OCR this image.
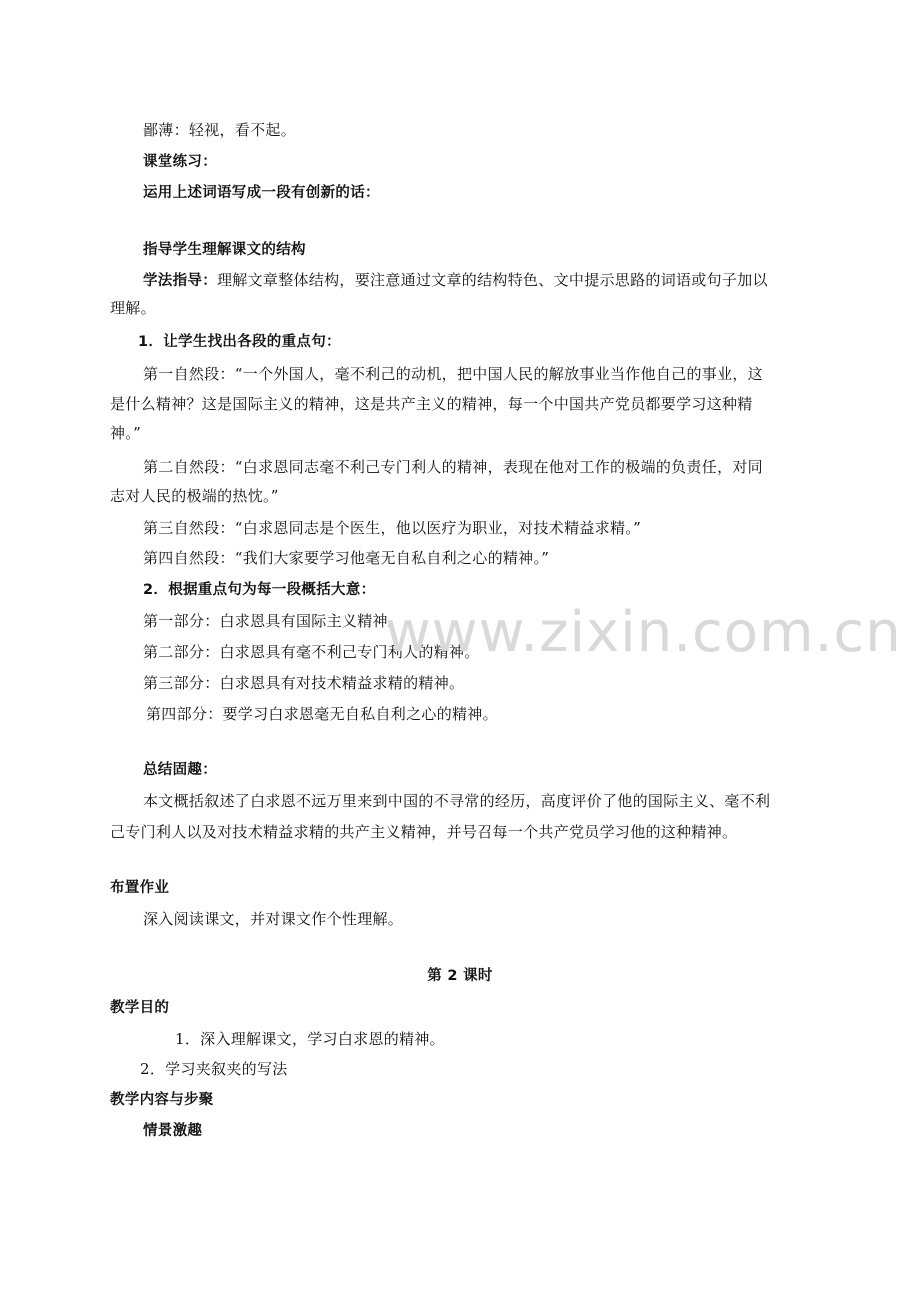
鄙薄：轻视，看不起。
课堂练习：
运用上述词语写成一段有创新的话：
指导学生理解课文的结构
学法指导：理解文章整体结构，要注意通过文章的结构特色、文中提示思路的词语或句子加以
理解。
1．让学生找出各段的重点句：
第一自然段：“一个外国人，毫不利己的动机，把中国人民的解放事业当作他自己的事业，这
是什么精神？这是国际主义的精神，这是共产主义的精神，每一个中国共产党员都要学习这种精
神。”
第二自然段：“白求恩同志毫不利己专门利人的精神，表现在他对工作的极端的负责任，对同
志对人民的极端的热忱。”
第三自然段：“白求恩同志是个医生，他以医疗为职业，对技术精益求精。”
第四自然段：“我们大家要学习他毫无自私自利之心的精神。”
2．根据重点句为每一段概括大意：
第一部分：白求恩具有国际主义精神。
第二部分：白求恩具有毫不利己专门利人的精神。
第三部分：白求恩具有对技术精益求精的精神。
第四部分：要学习白求恩毫无自私自利之心的精神。
总结固趣：
本文概括叙述了白求恩不远万里来到中国的不寻常的经历，高度评价了他的国际主义、毫不利
己专门利人以及对技术精益求精的共产主义精神，并号召每一个共产党员学习他的这种精神。
布置作业
深入阅读课文，并对课文作个性理解。
第 2 课时
教学目的
1．深入理解课文，学习白求恩的精神。
2．学习夹叙夹的写法
教学内容与步聚
情景激趣
www.zixin.com.cn
